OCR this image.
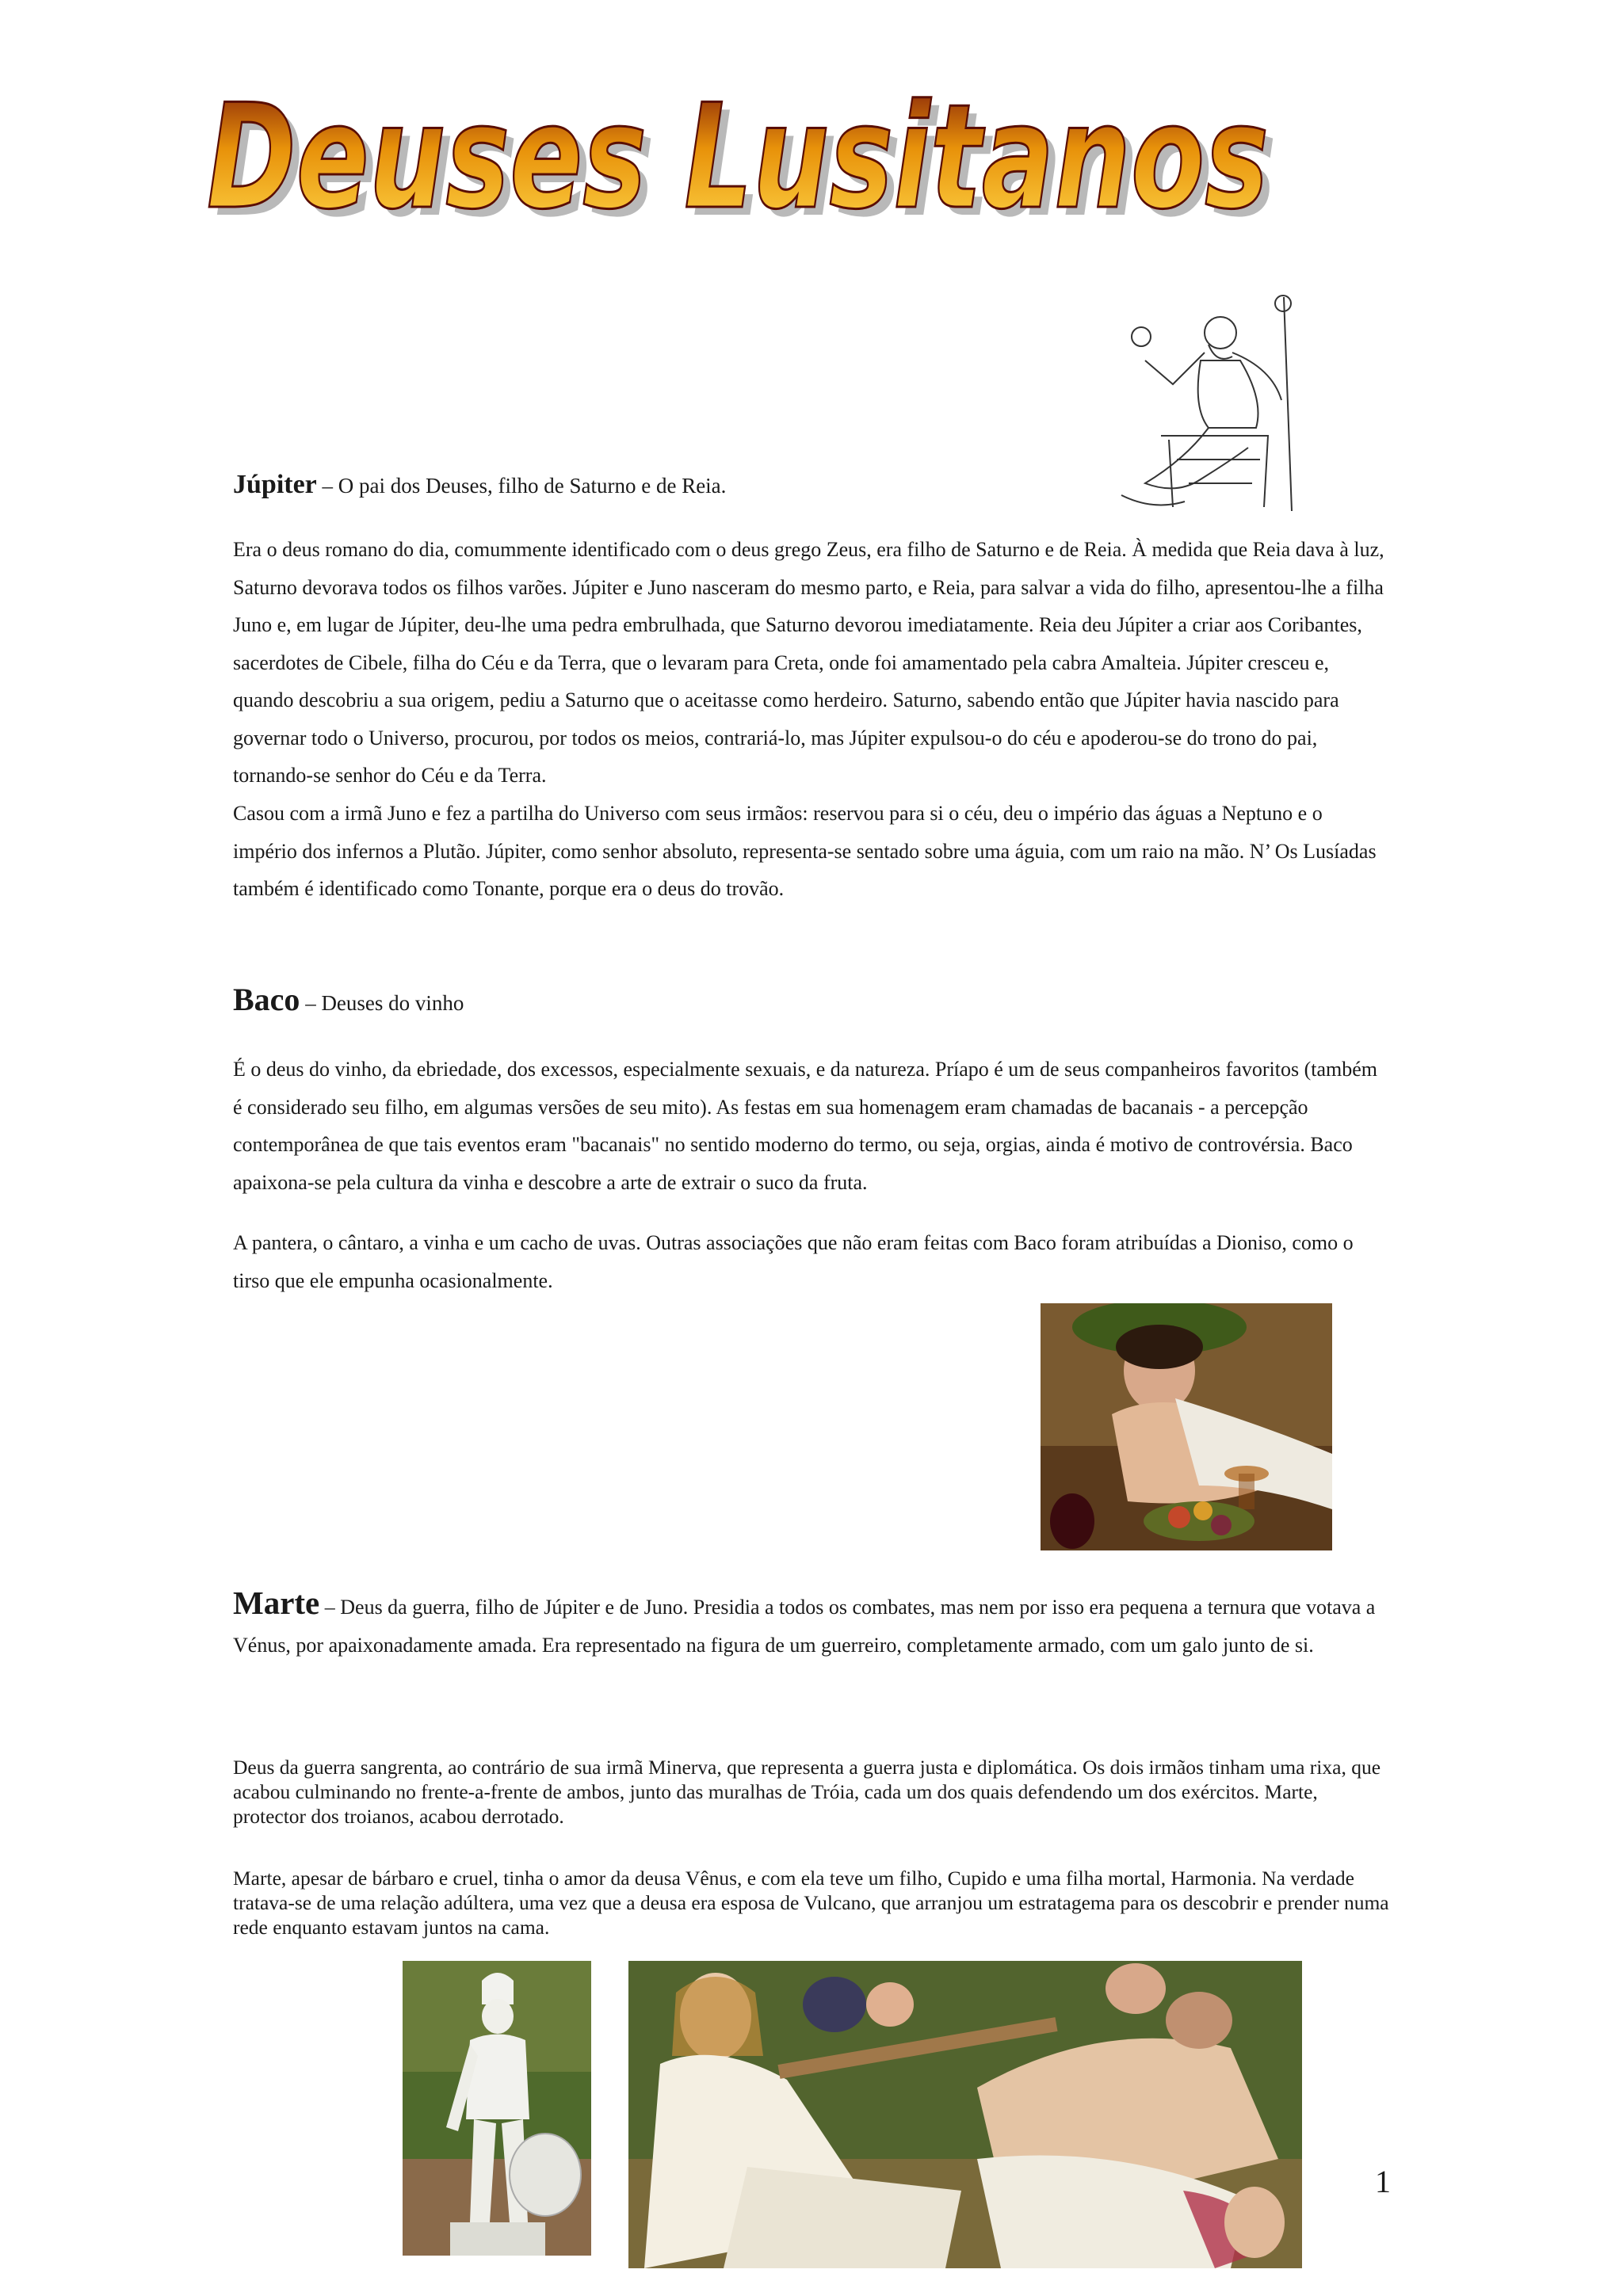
Deuses Lusitanos
Deuses Lusitanos
Júpiter – O pai dos Deuses, filho de Saturno e de Reia.

Era o deus romano do dia, comummente identificado com o deus grego Zeus, era filho de Saturno e de Reia. À medida que Reia dava à luz, Saturno devorava todos os filhos varões. Júpiter e Juno nasceram do mesmo parto, e Reia, para salvar a vida do filho, apresentou-lhe a filha Juno e, em lugar de Júpiter, deu-lhe uma pedra embrulhada, que Saturno devorou imediatamente. Reia deu Júpiter a criar aos Coribantes, sacerdotes de Cibele, filha do Céu e da Terra, que o levaram para Creta, onde foi amamentado pela cabra Amalteia. Júpiter cresceu e, quando descobriu a sua origem, pediu a Saturno que o aceitasse como herdeiro. Saturno, sabendo então que Júpiter havia nascido para governar todo o Universo, procurou, por todos os meios, contrariá-lo, mas Júpiter expulsou-o do céu e apoderou-se do trono do pai, tornando-se senhor do Céu e da Terra.

Casou com a irmã Juno e fez a partilha do Universo com seus irmãos: reservou para si o céu, deu o império das águas a Neptuno e o império dos infernos a Plutão. Júpiter, como senhor absoluto, representa-se sentado sobre uma águia, com um raio na mão. N’ Os Lusíadas também é identificado como Tonante, porque era o deus do trovão.

Baco – Deuses do vinho

É o deus do vinho, da ebriedade, dos excessos, especialmente sexuais, e da natureza. Príapo é um de seus companheiros favoritos (também é considerado seu filho, em algumas versões de seu mito). As festas em sua homenagem eram chamadas de bacanais - a percepção contemporânea de que tais eventos eram "bacanais" no sentido moderno do termo, ou seja, orgias, ainda é motivo de controvérsia. Baco apaixona-se pela cultura da vinha e descobre a arte de extrair o suco da fruta.

A pantera, o cântaro, a vinha e um cacho de uvas. Outras associações que não eram feitas com Baco foram atribuídas a Dioniso, como o tirso que ele empunha ocasionalmente.

Marte – Deus da guerra, filho de Júpiter e de Juno. Presidia a todos os combates, mas nem por isso era pequena a ternura que votava a Vénus, por apaixonadamente amada. Era representado na figura de um guerreiro, completamente armado, com um galo junto de si.

Deus da guerra sangrenta, ao contrário de sua irmã Minerva, que representa a guerra justa e diplomática. Os dois irmãos tinham uma rixa, que acabou culminando no frente-a-frente de ambos, junto das muralhas de Tróia, cada um dos quais defendendo um dos exércitos. Marte, protector dos troianos, acabou derrotado.

Marte, apesar de bárbaro e cruel, tinha o amor da deusa Vênus, e com ela teve um filho, Cupido e uma filha mortal, Harmonia. Na verdade tratava-se de uma relação adúltera, uma vez que a deusa era esposa de Vulcano, que arranjou um estratagema para os descobrir e prender numa rede enquanto estavam juntos na cama.

1
